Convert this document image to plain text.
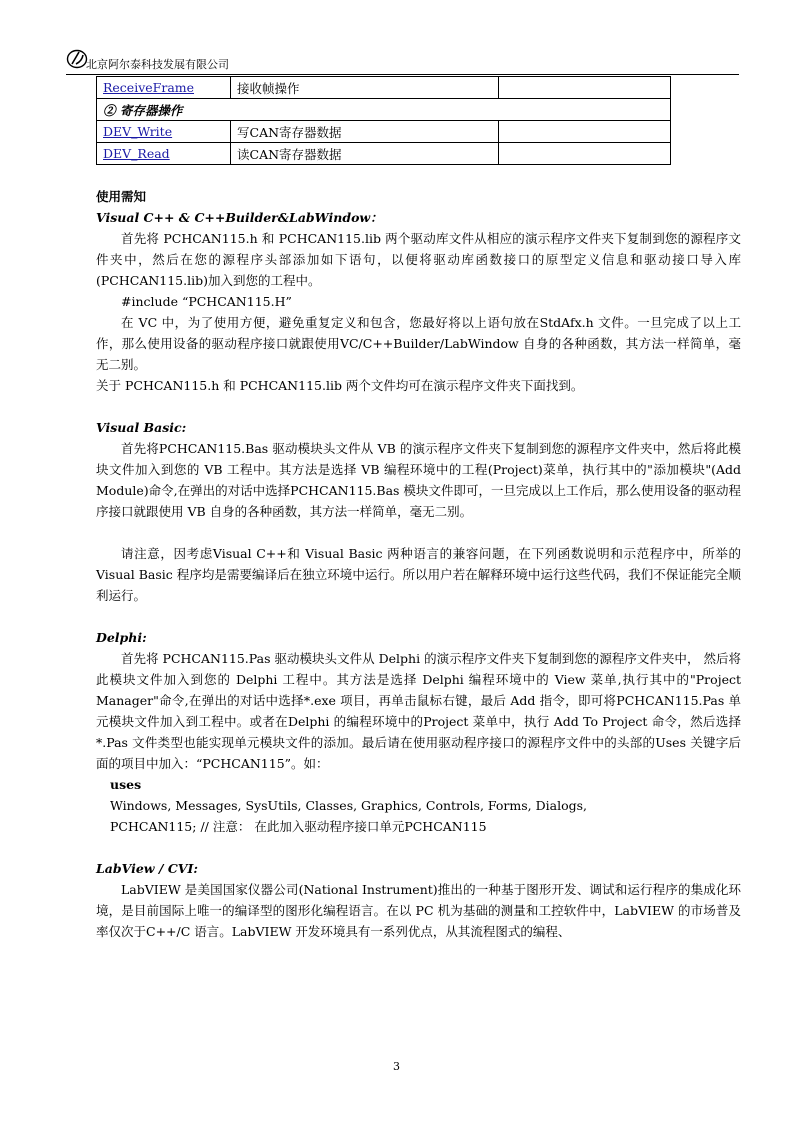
北京阿尔泰科技发展有限公司
ReceiveFrame	接收帧操作	
② 寄存器操作		
DEV_Write	写CAN寄存器数据	
DEV_Read	读CAN寄存器数据	

使用需知

Visual C++ & C++Builder&LabWindow：

首先将 PCHCAN115.h 和 PCHCAN115.lib 两个驱动库文件从相应的演示程序文件夹下复制到您的源程序文件夹中，然后在您的源程序头部添加如下语句，以便将驱动库函数接口的原型定义信息和驱动接口导入库(PCHCAN115.lib)加入到您的工程中。

#include “PCHCAN115.H”

在 VC 中，为了使用方便，避免重复定义和包含，您最好将以上语句放在StdAfx.h 文件。一旦完成了以上工作，那么使用设备的驱动程序接口就跟使用VC/C++Builder/LabWindow 自身的各种函数，其方法一样简单，毫无二别。

关于 PCHCAN115.h 和 PCHCAN115.lib 两个文件均可在演示程序文件夹下面找到。

Visual Basic:

首先将PCHCAN115.Bas 驱动模块头文件从 VB 的演示程序文件夹下复制到您的源程序文件夹中，然后将此模块文件加入到您的 VB 工程中。其方法是选择 VB 编程环境中的工程(Project)菜单，执行其中的"添加模块"(Add Module)命令,在弹出的对话中选择PCHCAN115.Bas 模块文件即可，一旦完成以上工作后，那么使用设备的驱动程序接口就跟使用 VB 自身的各种函数，其方法一样简单，毫无二别。

请注意，因考虑Visual C++和 Visual Basic 两种语言的兼容问题，在下列函数说明和示范程序中，所举的Visual Basic 程序均是需要编译后在独立环境中运行。所以用户若在解释环境中运行这些代码，我们不保证能完全顺利运行。

Delphi:

首先将 PCHCAN115.Pas 驱动模块头文件从 Delphi 的演示程序文件夹下复制到您的源程序文件夹中， 然后将此模块文件加入到您的 Delphi 工程中。其方法是选择 Delphi 编程环境中的 View 菜单,执行其中的"Project Manager"命令,在弹出的对话中选择*.exe 项目，再单击鼠标右键，最后 Add 指令，即可将PCHCAN115.Pas 单元模块文件加入到工程中。或者在Delphi 的编程环境中的Project 菜单中，执行 Add To Project 命令，然后选择*.Pas 文件类型也能实现单元模块文件的添加。最后请在使用驱动程序接口的源程序文件中的头部的Uses 关键字后面的项目中加入：“PCHCAN115”。如：

uses

Windows, Messages, SysUtils, Classes, Graphics, Controls, Forms, Dialogs,

PCHCAN115; // 注意： 在此加入驱动程序接口单元PCHCAN115

LabView / CVI:

LabVIEW 是美国国家仪器公司(National Instrument)推出的一种基于图形开发、调试和运行程序的集成化环境，是目前国际上唯一的编译型的图形化编程语言。在以 PC 机为基础的测量和工控软件中，LabVIEW 的市场普及率仅次于C++/C 语言。LabVIEW 开发环境具有一系列优点，从其流程图式的编程、

3
